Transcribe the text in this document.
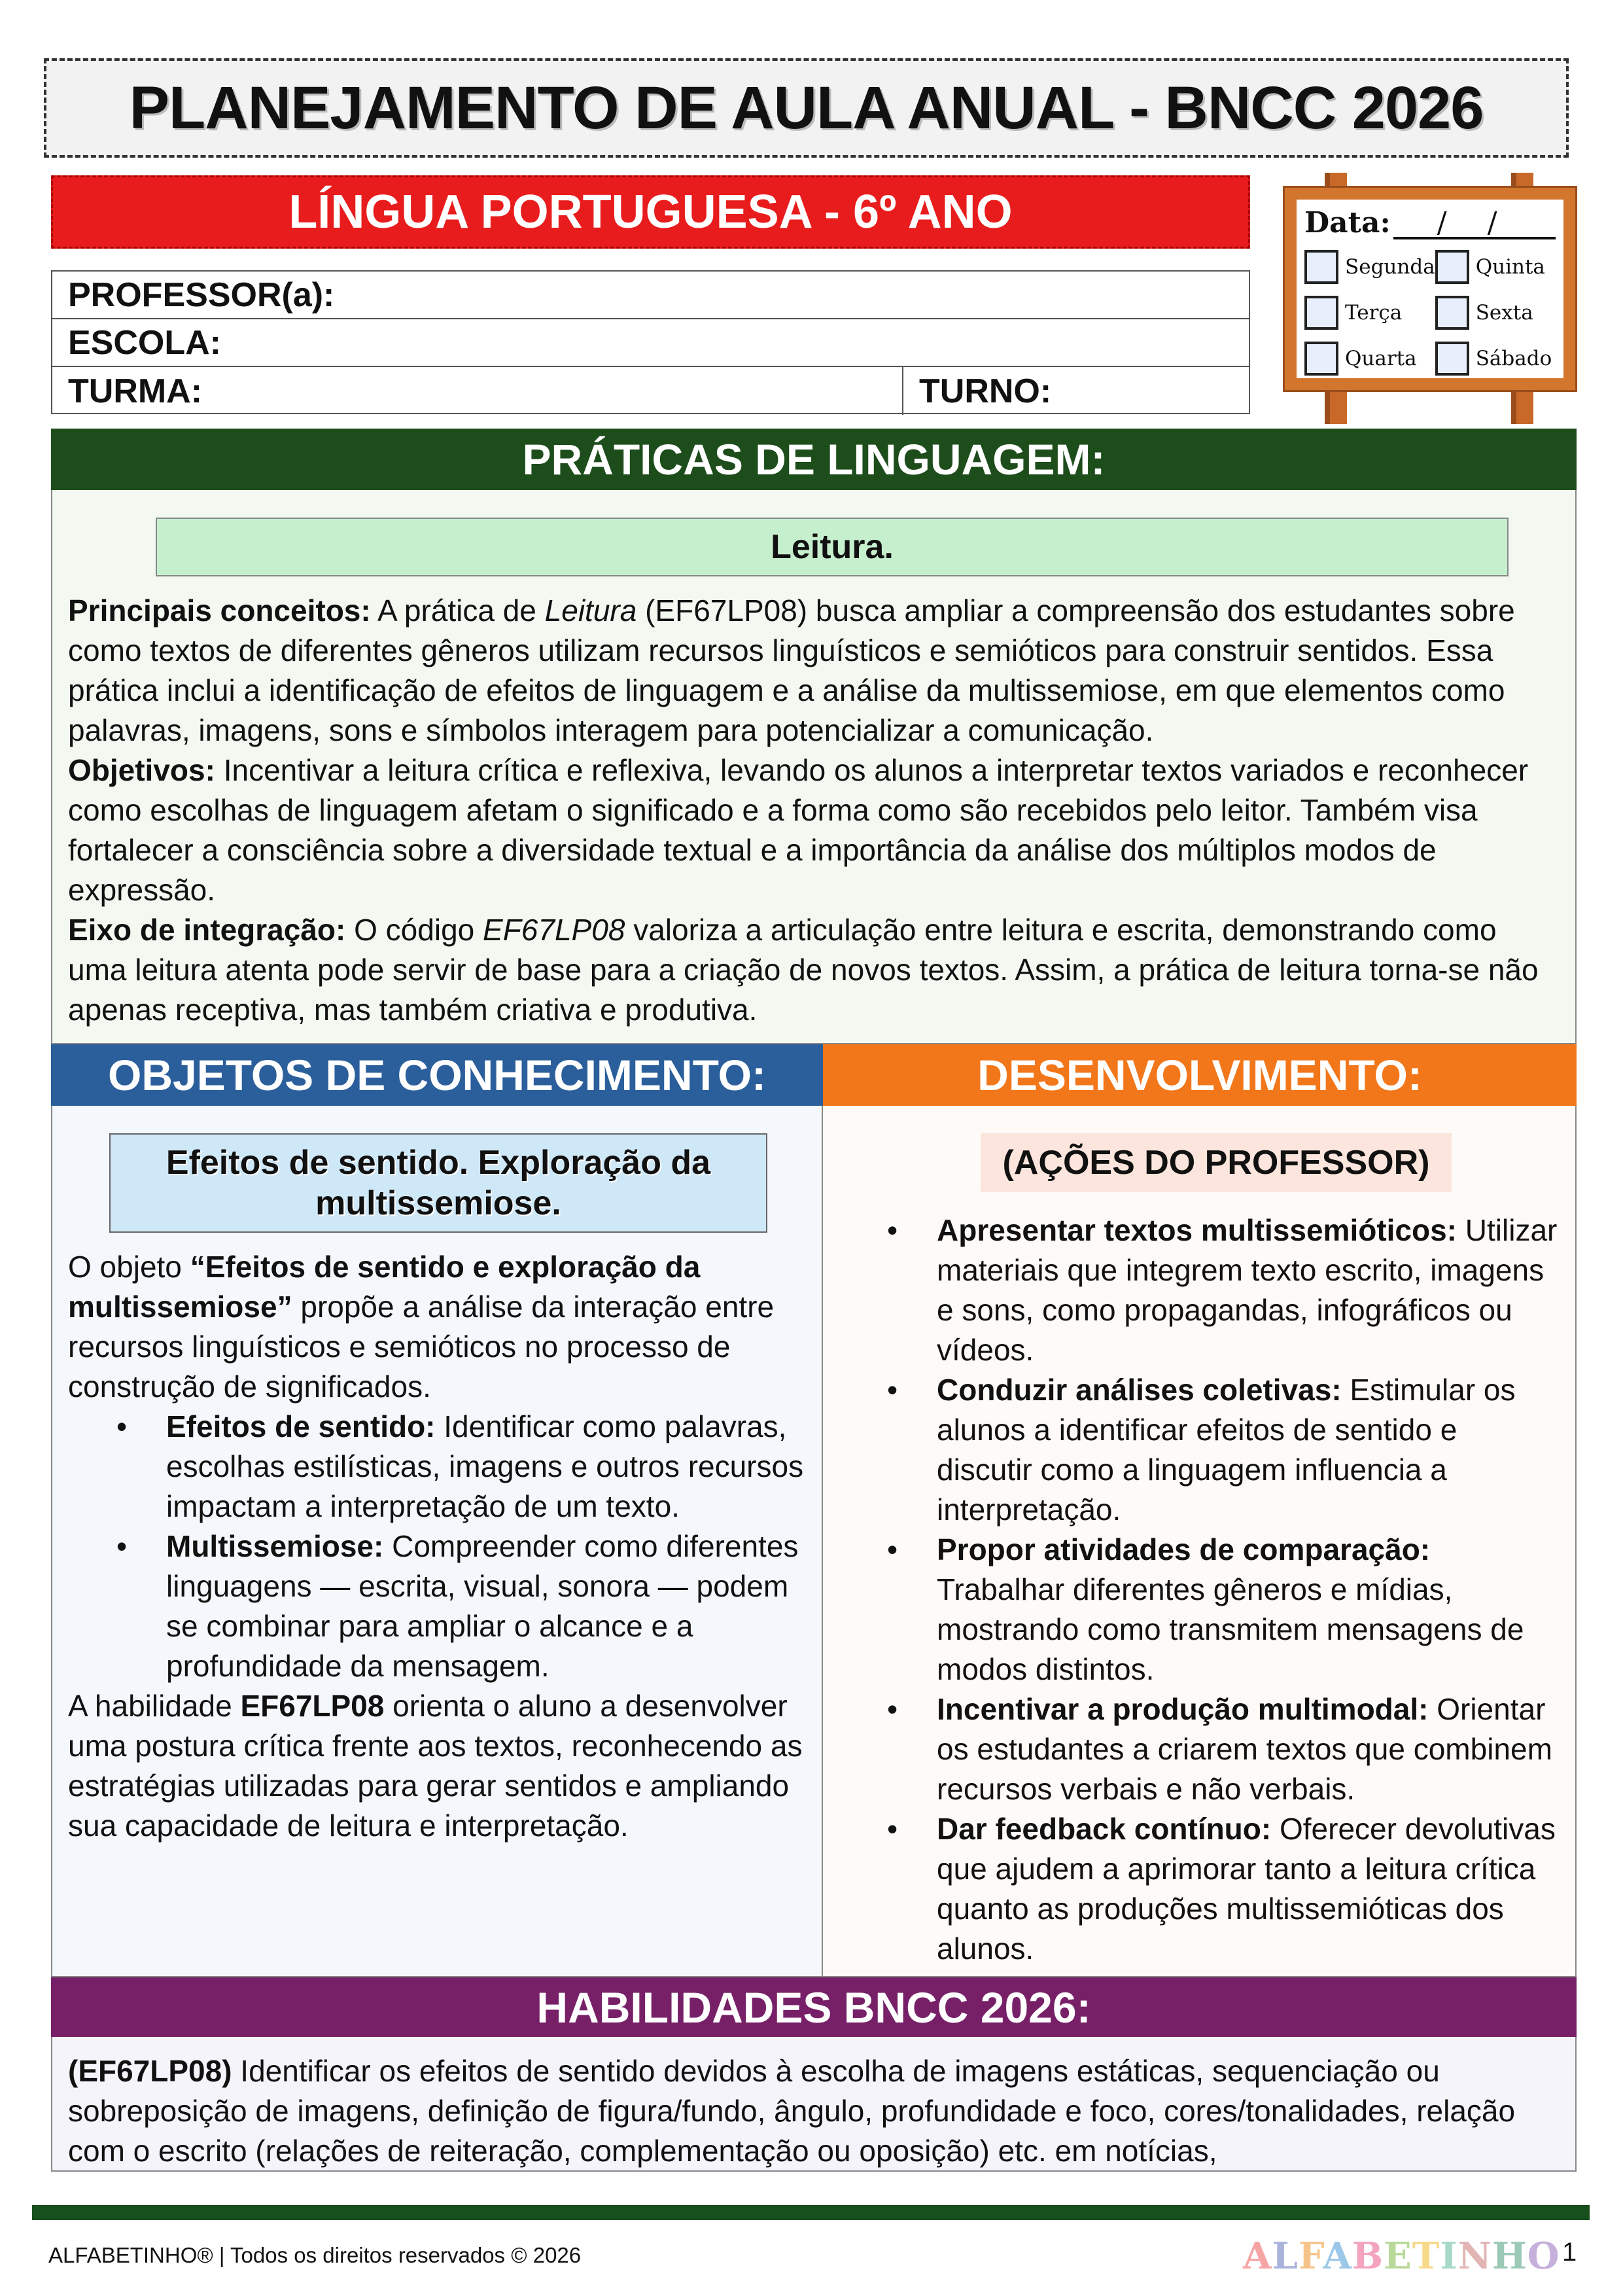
PLANEJAMENTO DE AULA ANUAL - BNCC 2026
LÍNGUA PORTUGUESA - 6º ANO
PROFESSOR(a):
ESCOLA:
TURMA:	TURNO:
Data: / /
Segunda Quinta
Terça	Sexta
Quarta	Sábado
PRÁTICAS DE LINGUAGEM:
Leitura.

Principais conceitos: A prática de Leitura (EF67LP08) busca ampliar a compreensão dos estudantes sobre como textos de diferentes gêneros utilizam recursos linguísticos e semióticos para construir sentidos. Essa prática inclui a identificação de efeitos de linguagem e a análise da multissemiose, em que elementos como palavras, imagens, sons e símbolos interagem para potencializar a comunicação.
Objetivos: Incentivar a leitura crítica e reflexiva, levando os alunos a interpretar textos variados e reconhecer como escolhas de linguagem afetam o significado e a forma como são recebidos pelo leitor. Também visa fortalecer a consciência sobre a diversidade textual e a importância da análise dos múltiplos modos de expressão.
Eixo de integração: O código EF67LP08 valoriza a articulação entre leitura e escrita, demonstrando como uma leitura atenta pode servir de base para a criação de novos textos. Assim, a prática de leitura torna-se não apenas receptiva, mas também criativa e produtiva.

OBJETOS DE CONHECIMENTO:	DESENVOLVIMENTO:
Efeitos de sentido. Exploração da multissemiose.

O objeto “Efeitos de sentido e exploração da multissemiose” propõe a análise da interação entre recursos linguísticos e semióticos no processo de construção de significados.

• Efeitos de sentido: Identificar como palavras, escolhas estilísticas, imagens e outros recursos impactam a interpretação de um texto.
• Multissemiose: Compreender como diferentes linguagens — escrita, visual, sonora — podem se combinar para ampliar o alcance e a profundidade da mensagem.

A habilidade EF67LP08 orienta o aluno a desenvolver uma postura crítica frente aos textos, reconhecendo as estratégias utilizadas para gerar sentidos e ampliando sua capacidade de leitura e interpretação.

(AÇÕES DO PROFESSOR)
• Apresentar textos multissemióticos: Utilizar materiais que integrem texto escrito, imagens e sons, como propagandas, infográficos ou vídeos.
• Conduzir análises coletivas: Estimular os alunos a identificar efeitos de sentido e discutir como a linguagem influencia a interpretação.
• Propor atividades de comparação: Trabalhar diferentes gêneros e mídias, mostrando como transmitem mensagens de modos distintos.
• Incentivar a produção multimodal: Orientar os estudantes a criarem textos que combinem recursos verbais e não verbais.
• Dar feedback contínuo: Oferecer devolutivas que ajudem a aprimorar tanto a leitura crítica quanto as produções multissemióticas dos alunos.
HABILIDADES BNCC 2026:

(EF67LP08) Identificar os efeitos de sentido devidos à escolha de imagens estáticas, sequenciação ou sobreposição de imagens, definição de figura/fundo, ângulo, profundidade e foco, cores/tonalidades, relação com o escrito (relações de reiteração, complementação ou oposição) etc. em notícias,

ALFABETINHO® | Todos os direitos reservados © 2026	ALFABETINHO 1
